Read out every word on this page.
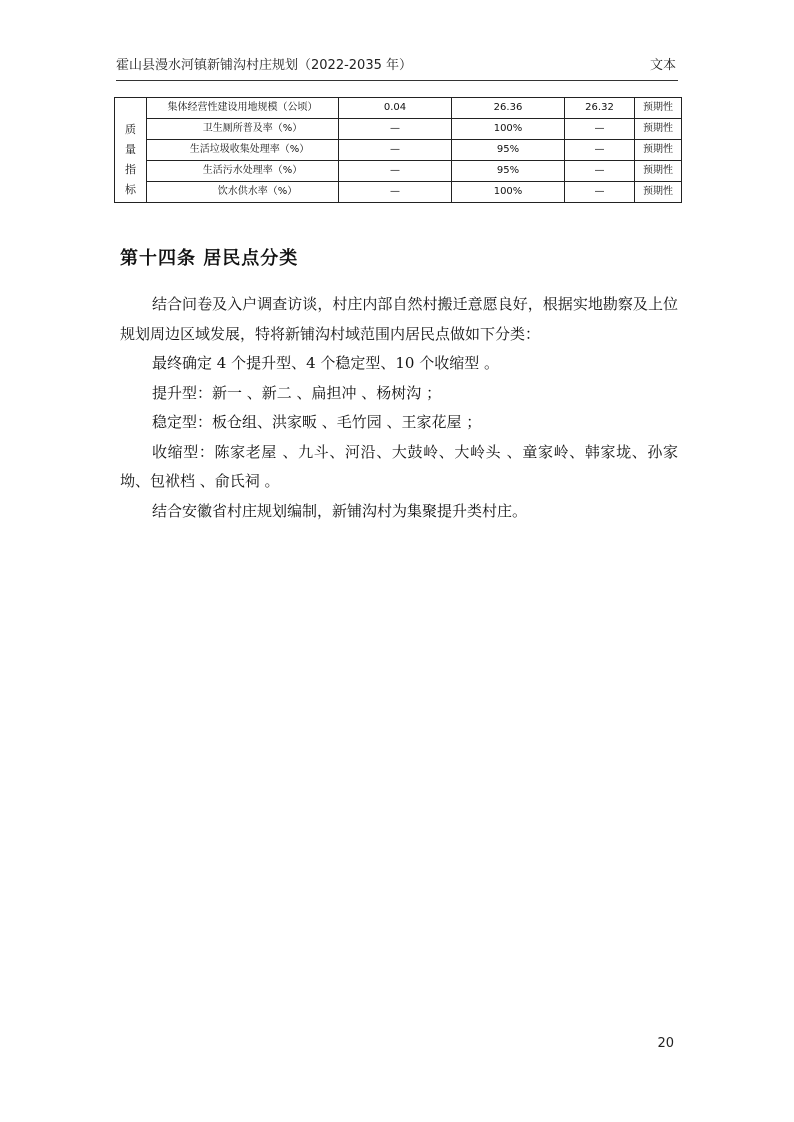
霍山县漫水河镇新铺沟村庄规划（2022-2035 年）	文本
质
量
指
标	集体经营性建设用地规模（公顷）	0.04	26.36	26.32	预期性
	卫生厕所普及率（%）	—	100%	—	预期性
	生活垃圾收集处理率（%）	—	95%	—	预期性
	生活污水处理率（%）	—	95%	—	预期性
	饮水供水率（%）	—	100%	—	预期性
第十四条 居民点分类

结合问卷及入户调查访谈，村庄内部自然村搬迁意愿良好，根据实地勘察及上位规划周边区域发展，特将新铺沟村域范围内居民点做如下分类：

最终确定 4 个提升型、4 个稳定型、10 个收缩型 。

提升型：新一 、新二 、扁担冲 、杨树沟 ；

稳定型：板仓组、洪家畈 、毛竹园 、王家花屋 ；

收缩型：陈家老屋 、九斗、河沿、大鼓岭、大岭头 、童家岭、韩家垅、孙家坳、包袱档 、俞氏祠 。

结合安徽省村庄规划编制，新铺沟村为集聚提升类村庄。

20
